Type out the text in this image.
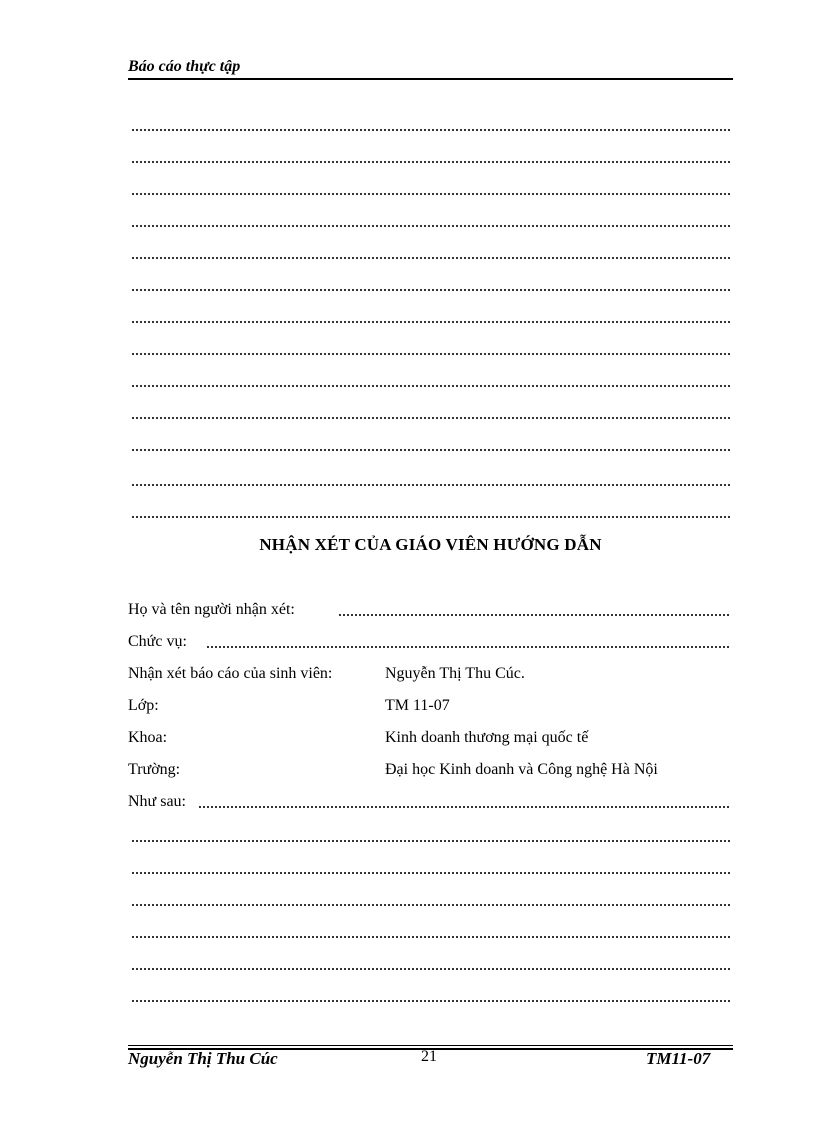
Báo cáo thực tập
NHẬN XÉT CỦA GIÁO VIÊN HƯỚNG DẪN
Họ và tên người nhận xét:
Chức vụ:
Nhận xét báo cáo của sinh viên:	Nguyễn Thị Thu Cúc.
Lớp:	TM 11-07
Khoa:	Kinh doanh thương mại quốc tế
Trường:	Đại học Kinh doanh và Công nghệ Hà Nội
Như sau:
Nguyễn Thị Thu Cúc	21	TM11-07
